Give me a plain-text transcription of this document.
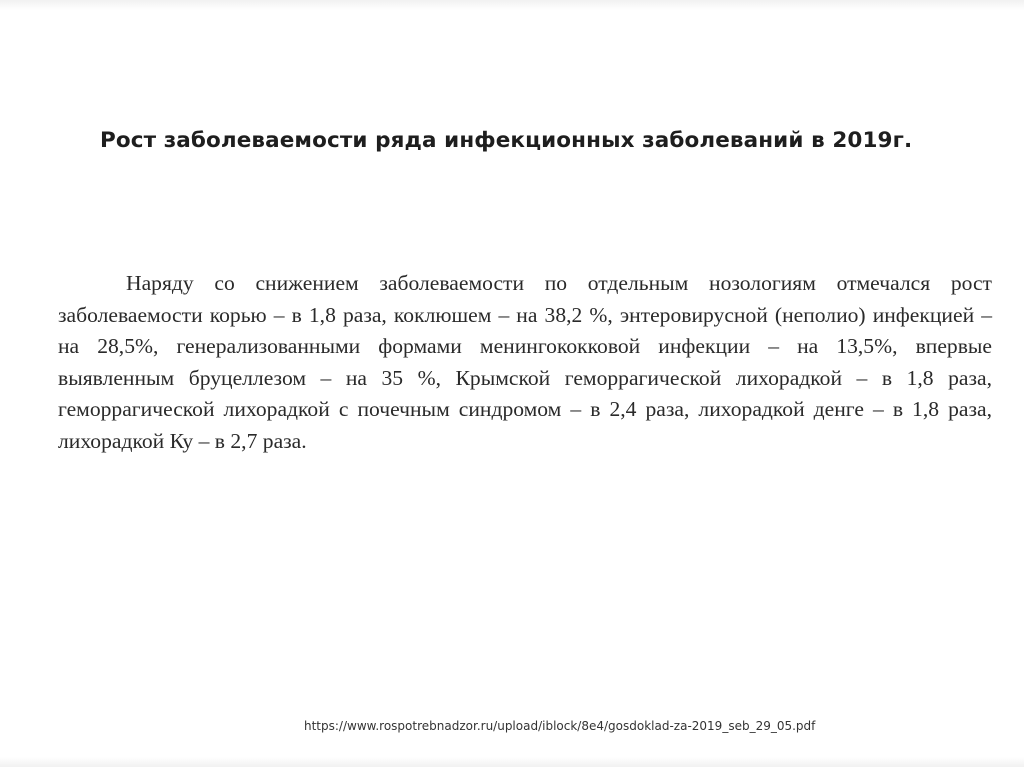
Рост заболеваемости ряда инфекционных заболеваний в 2019г.

Наряду со снижением заболеваемости по отдельным нозологиям отмечался рост заболеваемости корью – в 1,8 раза, коклюшем – на 38,2 %, энтеровирусной (неполио) инфекцией – на 28,5%, генерализованными формами менингококковой инфекции – на 13,5%, впервые выявленным бруцеллезом – на 35 %, Крымской геморрагической лихорадкой – в 1,8 раза, геморрагической лихорадкой с почечным синдромом – в 2,4 раза, лихорадкой денге – в 1,8 раза, лихорадкой Ку – в 2,7 раза.

https://www.rospotrebnadzor.ru/upload/iblock/8e4/gosdoklad-za-2019_seb_29_05.pdf
